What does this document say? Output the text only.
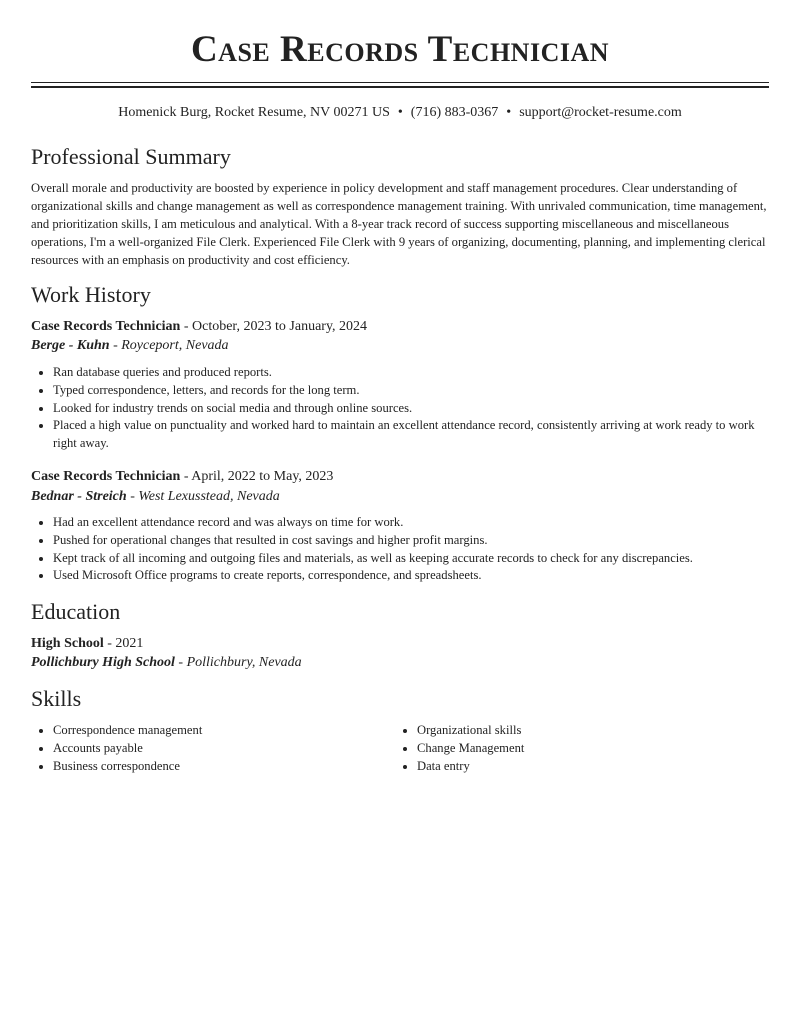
Case Records Technician
Homenick Burg, Rocket Resume, NV 00271 US • (716) 883-0367 • support@rocket-resume.com
Professional Summary

Overall morale and productivity are boosted by experience in policy development and staff management procedures. Clear understanding of organizational skills and change management as well as correspondence management training. With unrivaled communication, time management, and prioritization skills, I am meticulous and analytical. With a 8-year track record of success supporting miscellaneous and miscellaneous operations, I'm a well-organized File Clerk. Experienced File Clerk with 9 years of organizing, documenting, planning, and implementing clerical resources with an emphasis on productivity and cost efficiency.

Work History

Case Records Technician - October, 2023 to January, 2024

Berge - Kuhn - Royceport, Nevada

• Ran database queries and produced reports.
• Typed correspondence, letters, and records for the long term.
• Looked for industry trends on social media and through online sources.
• Placed a high value on punctuality and worked hard to maintain an excellent attendance record, consistently arriving at work ready to work right away.

Case Records Technician - April, 2022 to May, 2023

Bednar - Streich - West Lexusstead, Nevada

• Had an excellent attendance record and was always on time for work.
• Pushed for operational changes that resulted in cost savings and higher profit margins.
• Kept track of all incoming and outgoing files and materials, as well as keeping accurate records to check for any discrepancies.
• Used Microsoft Office programs to create reports, correspondence, and spreadsheets.
Education

High School - 2021

Pollichbury High School - Pollichbury, Nevada

Skills
• Correspondence management
• Accounts payable
• Business correspondence
• Organizational skills
• Change Management
• Data entry
